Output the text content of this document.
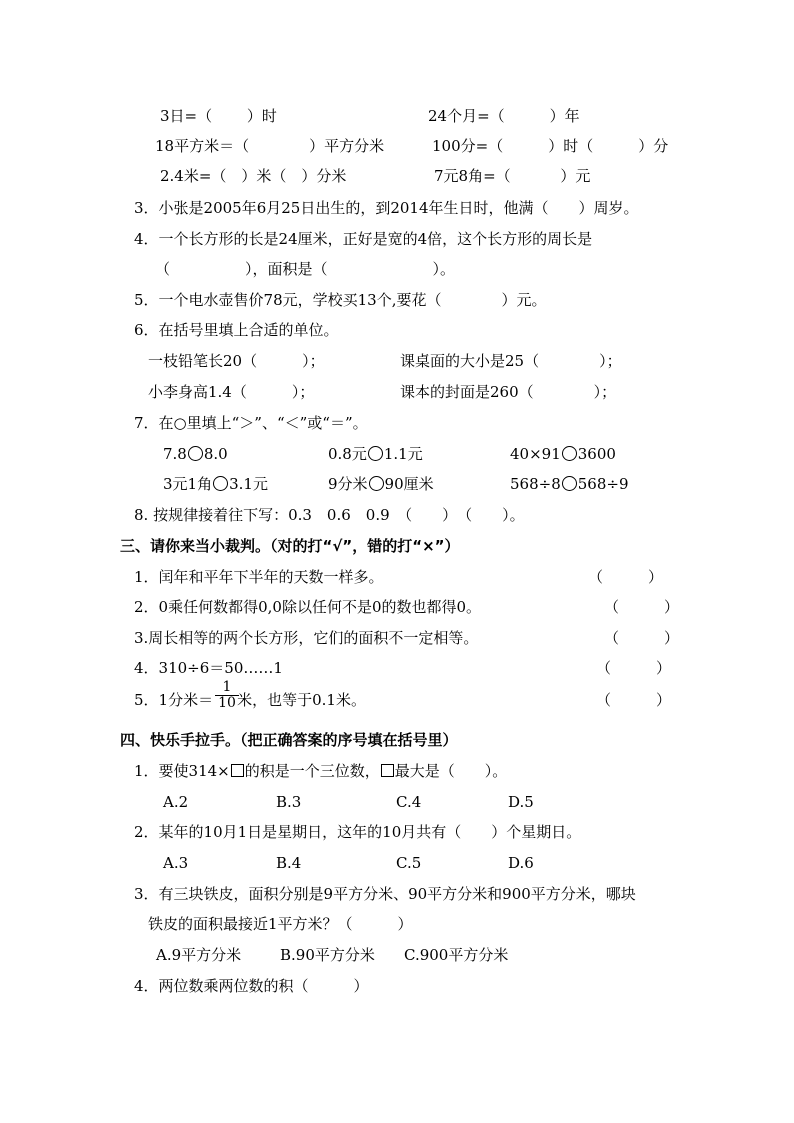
3日=（　　 ）时	24个月=（　　　）年
18平方米＝（　　　　）平方分米	100分=（　　　）时（　　　）分
2.4米=（　）米（　）分米	7元8角=（　　　 ）元
3．小张是2005年6月25日出生的，到2014年生日时，他满（　　）周岁。
4．一个长方形的长是24厘米，正好是宽的4倍，这个长方形的周长是
（　　　　　），面积是（　　　　　　　）。
5．一个电水壶售价78元，学校买13个,要花（　　　　）元。
6．在括号里填上合适的单位。
一枝铅笔长20（　　　）；	课桌面的大小是25（　　　　）；
小李身高1.4（　　　）；	课本的封面是260（　　　　）；
7．在○里填上“＞”、“＜”或“＝”。
7.8 8.0	0.8元 1.1元	40×91 3600
3元1角 3.1元	9分米 90厘米	568÷8 568÷9
8. 按规律接着往下写：0.3　0.6　0.9　（　　）　（　　）。
三、请你来当小裁判。（对的打“√”，错的打“×”）
1．闰年和平年下半年的天数一样多。	（　　　）
2．0乘任何数都得0,0除以任何不是0的数也都得0。	（　　　）
3.周长相等的两个长方形，它们的面积不一定相等。	（　　　）
4．310÷6＝50……1	（　　　）
5．1分米＝ 米，也等于0.1米。
$\frac{1}{10}$	（　　　）
四、快乐手拉手。（把正确答案的序号填在括号里）
1．要使314× 的积是一个三位数， 最大是（　　）。
A.2	B.3	C.4	D.5
2．某年的10月1日是星期日，这年的10月共有（　　）个星期日。
A.3	B.4	C.5	D.6
3．有三块铁皮，面积分别是9平方分米、90平方分米和900平方分米，哪块
铁皮的面积最接近1平方米？（　　　）
A.9平方分米	B.90平方分米 C.900平方分米
4．两位数乘两位数的积（　　　）
